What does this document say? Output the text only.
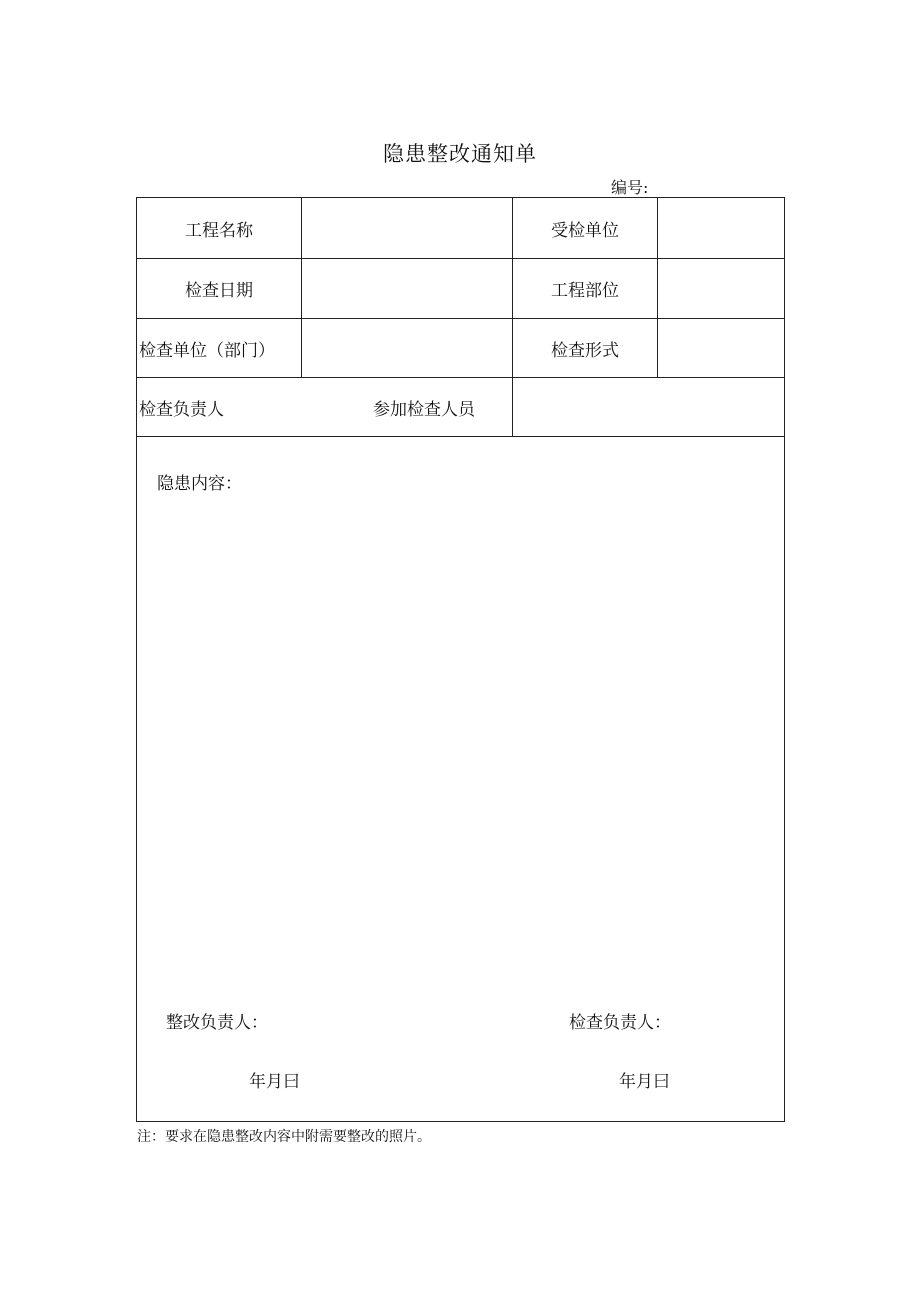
隐患整改通知单
编号:
工程名称	受检单位
检查日期	工程部位
检查单位（部门）	检查形式
检查负责人	参加检查人员
隐患内容：
整改负责人：	检查负责人：
年月曰	年月曰
注：要求在隐患整改内容中附需要整改的照片。
